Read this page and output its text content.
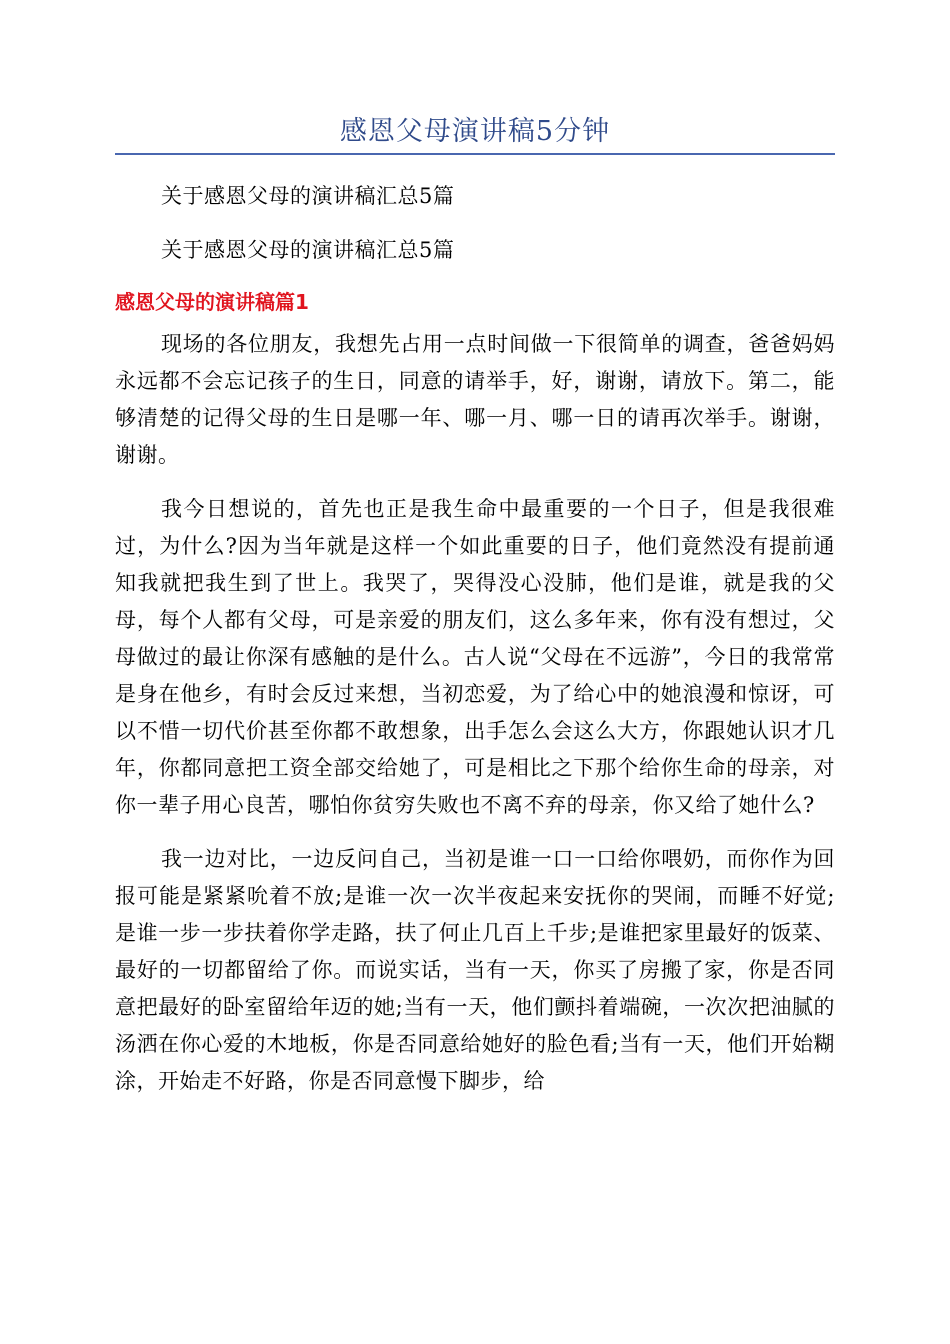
感恩父母演讲稿5分钟

关于感恩父母的演讲稿汇总5篇

关于感恩父母的演讲稿汇总5篇

感恩父母的演讲稿篇1

现场的各位朋友，我想先占用一点时间做一下很简单的调查，爸爸妈妈永远都不会忘记孩子的生日，同意的请举手，好，谢谢，请放下。第二，能够清楚的记得父母的生日是哪一年、哪一月、哪一日的请再次举手。谢谢，谢谢。

我今日想说的，首先也正是我生命中最重要的一个日子，但是我很难过，为什么?因为当年就是这样一个如此重要的日子，他们竟然没有提前通知我就把我生到了世上。我哭了，哭得没心没肺，他们是谁，就是我的父母，每个人都有父母，可是亲爱的朋友们，这么多年来，你有没有想过，父母做过的最让你深有感触的是什么。古人说“父母在不远游”，今日的我常常是身在他乡，有时会反过来想，当初恋爱，为了给心中的她浪漫和惊讶，可以不惜一切代价甚至你都不敢想象，出手怎么会这么大方，你跟她认识才几年，你都同意把工资全部交给她了，可是相比之下那个给你生命的母亲，对你一辈子用心良苦，哪怕你贫穷失败也不离不弃的母亲，你又给了她什么?

我一边对比，一边反问自己，当初是谁一口一口给你喂奶，而你作为回报可能是紧紧吮着不放;是谁一次一次半夜起来安抚你的哭闹，而睡不好觉;是谁一步一步扶着你学走路，扶了何止几百上千步;是谁把家里最好的饭菜、最好的一切都留给了你。而说实话，当有一天，你买了房搬了家，你是否同意把最好的卧室留给年迈的她;当有一天，他们颤抖着端碗，一次次把油腻的汤洒在你心爱的木地板，你是否同意给她好的脸色看;当有一天，他们开始糊涂，开始走不好路，你是否同意慢下脚步，给
